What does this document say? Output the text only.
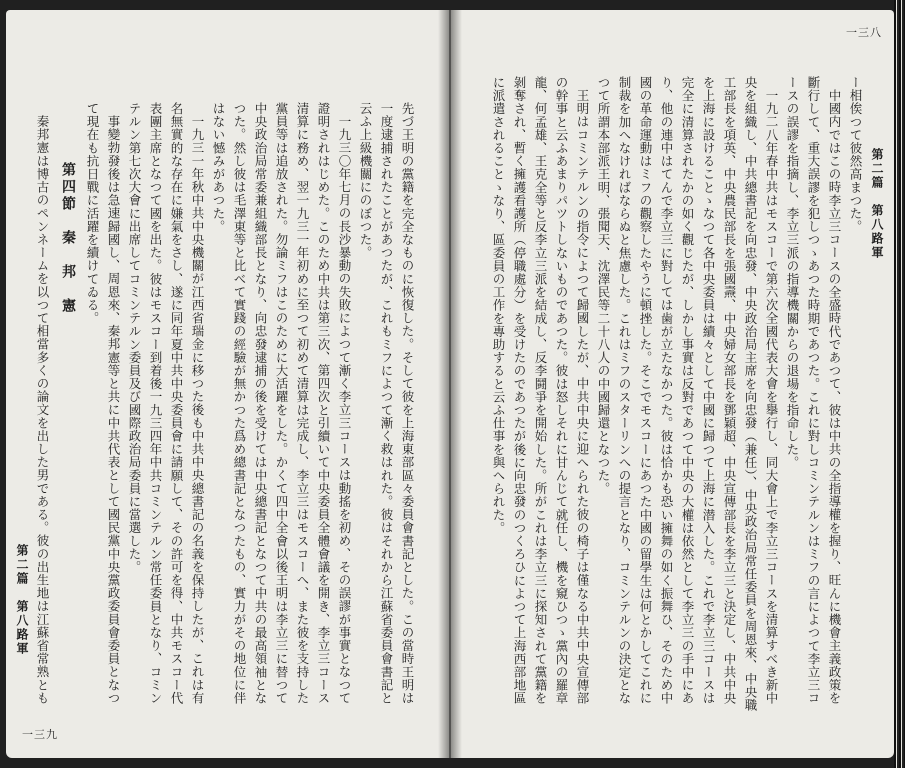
先づ王明の黨籍を完全なものに恢復した。そして彼を上海東部區々委員會書記とした。この當時王明は一度逮捕されたことがあつたが、これもミフによつて漸く救はれた。彼はそれから江蘇省委員會書記と云ふ上級機關にのぼつた。

一九三〇年七月の長沙暴動の失敗によつて漸く李立三コースは動搖を初め、その誤謬が事實となつて證明されはじめた。このため中共は第三次、第四次と引續いて中央委員全體會議を開き、李立三コース清算に務め、翌一九三一年初めに至つて初めて清算は完成し、李立三はモスコーへ、また彼を支持した黨員等は追放された。勿論ミフはこのために大活躍をした。かくて四中全會以後王明は李立三に替つて中央政治局常委兼組織部長となり、向忠發逮捕の後を受けては中央總書記となつて中共の最高領袖となつた。然し彼は毛澤東等と比べて實踐の經驗が無かつた爲め總書記となつたもの、實力がその地位に伴はない憾みがあつた。

一九三一年秋中共中央機關が江西省瑞金に移つた後も中共中央總書記の名義を保持したが、これは有名無實的な存在に嫌氣をさし、遂に同年夏中共中央委員會に請願して、その許可を得、中共モスコー代表團主席となつて國を出た。彼はモスコー到着後一九三四年中共コミンテルン常任委員となり、コミンテルン第七次大會に出席してコミンテルン委員及び國際政治局委員に當選した。

事變勃發後は急速歸國し、周恩來、秦邦憲等と共に中共代表として國民黨中央黨政委員會委員となつて現在も抗日戰に活躍を續けてゐる。

第四節　秦　邦　憲

秦邦憲は博古のペンネームを以つて相當多くの論文を出した男である。彼の出生地は江蘇省常熟とも

第二篇　第八路軍
一三九
一三八
第二篇　第八路軍

ー相俟つて彼然高まつた。

中國内ではこの時李立三コースの全盛時代であつて、彼は中共の全指導權を握り、旺んに機會主義政策を斷行して、重大誤謬を犯しつゝあつた時期であつた。これに對しコミンテルンはミフの言によつて李立三コースの誤謬を指摘し、李立三派の指導機關からの退場を指命した。

一九二八年春中共はモスコーで第六次全國代表大會を擧行し、同大會上で李立三コースを清算すべき新中央を組織し、中共總書記を向忠發、中央政治局主席を向忠發（兼任）、中央政治局常任委員を周恩來、中央職工部長を項英、中央農民部長を張國燾、中央婦女部長を鄧穎超、中央宣傳部長を李立三と決定し、中共中央を上海に設けることゝなつて各中央委員は續々として中國に歸つて上海に潜入した。これで李立三コースは完全に清算されたかの如く觀じたが、しかし事實は反對であつて中央の大權は依然として李立三の手中にあり、他の連中はてんで李立三に對しては歯が立たなかつた。彼は恰かも恐い擁舞の如く振舞ひ、そのため中國の革命運動はミフの觀察したやうに頓挫した。そこでモスコーにあつた中國の留學生は何とかしてこれに制裁を加へなければならぬと焦慮した。これはミフのスターリンへの提言となり、コミンテルンの決定となつて所謂本部派王明、張聞天、沈澤民等二十八人の中國歸還となつた。

王明はコミンテルンの指令によつて歸國したが、中共中央に迎へられた彼の椅子は僅なる中共中央宣傳部の幹事と云ふあまりパツトしないものであつた。彼は怒しそれに甘んじて就任し、機を窺ひつゝ黨內の羅章龍、何孟雄、王克全等と反李立三派を結成し、反李鬪爭を開始した。所がこれは李立三に探知されて黨籍を剝奪され、暫く擁護看護所（停職處分）を受けたのであつたが後に向忠發のつくろひによつて上海西部地區に派遣されることゝなり、區委員の工作を專助すると云ふ仕事を與へられた。
